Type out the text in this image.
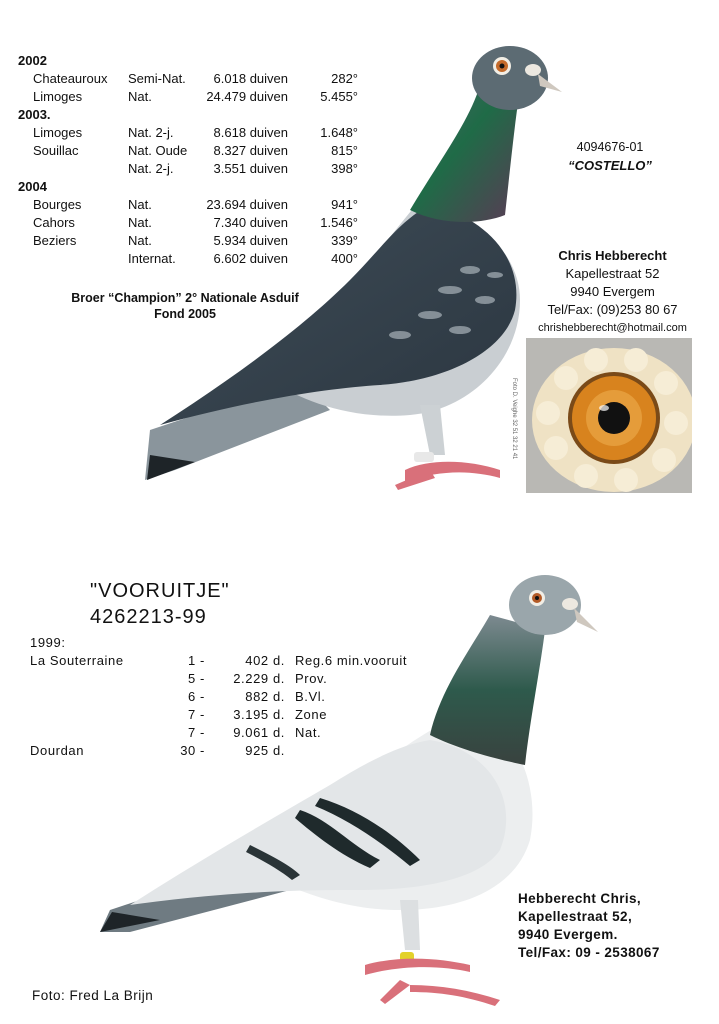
2002
Chateauroux Semi-Nat. 6.018 duiven	282°
Limoges	Nat.	24.479 duiven 5.455°
2003.
Limoges	Nat. 2-j.	8.618 duiven 1.648°
Souillac	Nat. Oude 8.327 duiven	815°
Nat. 2-j.	3.551 duiven	398°
2004
Bourges	Nat.	23.694 duiven	941°
Cahors	Nat.	7.340 duiven 1.546°
Beziers	Nat.	5.934 duiven	339°
Internat.	6.602 duiven	400°
Broer “Champion” 2° Nationale Asduif
Fond 2005
4094676-01
“COSTELLO”
Chris Hebberecht
Kapellestraat 52
9940 Evergem
Tel/Fax: (09)253 80 67
chrishebberecht@hotmail.com
Foto D. Veighe 32 51 32 21 41
"VOORUITJE"
4262213-99
1999:
La Souterraine	1 -	402 d. Reg.6 min.vooruit
5 -	2.229 d. Prov.
6 -	882 d. B.Vl.
7 -	3.195 d. Zone
7 -	9.061 d. Nat.
Dourdan	30 -	925 d.
Hebberecht Chris,
Kapellestraat 52,
9940 Evergem.
Tel/Fax: 09 - 2538067
Foto: Fred La Brijn
